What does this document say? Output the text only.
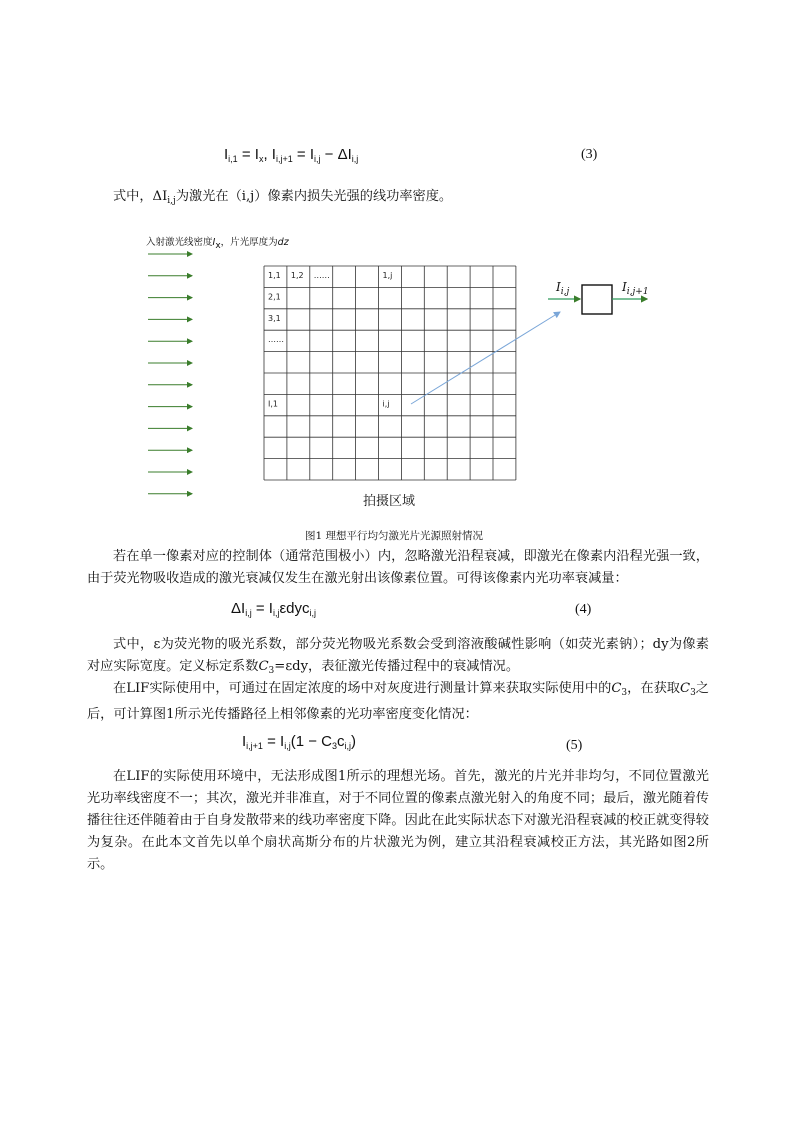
$I_{i,1} = I_x$, $I_{i,j+1} = I_{i,j} - \Delta I_{i,j}$	(3)
式中，$\Delta I_{i,j}$为激光在（i,j）像素内损失光强的线功率密度。
入射激光线密度$I_x$，片光厚度为dz
1,1 1,2 ……	1,j
2,1
3,1
……
I,1	i,j
$I_{i,j}$	$I_{i,j+1}$
拍摄区域
图1 理想平行均匀激光片光源照射情况

若在单一像素对应的控制体（通常范围极小）内，忽略激光沿程衰减，即激光在像素内沿程光强一致，由于荧光物吸收造成的激光衰减仅发生在激光射出该像素位置。可得该像素内光功率衰减量：

$\Delta I_{i,j} = I_{i,j}\varepsilon dyc_{i,j}$	(4)

式中，ε为荧光物的吸光系数，部分荧光物吸光系数会受到溶液酸碱性影响（如荧光素钠）；dy为像素对应实际宽度。定义标定系数$C_3=\varepsilon dy$，表征激光传播过程中的衰减情况。

在LIF实际使用中，可通过在固定浓度的场中对灰度进行测量计算来获取实际使用中的$C_3$，在获取$C_3$之后，可计算图1所示光传播路径上相邻像素的光功率密度变化情况：

$I_{i,j+1} = I_{i,j}(1 - C_3c_{i,j})$	(5)

在LIF的实际使用环境中，无法形成图1所示的理想光场。首先，激光的片光并非均匀，不同位置激光光功率线密度不一；其次，激光并非准直，对于不同位置的像素点激光射入的角度不同；最后，激光随着传播往往还伴随着由于自身发散带来的线功率密度下降。因此在此实际状态下对激光沿程衰减的校正就变得较为复杂。在此本文首先以单个扇状高斯分布的片状激光为例，建立其沿程衰减校正方法，其光路如图2所示。
